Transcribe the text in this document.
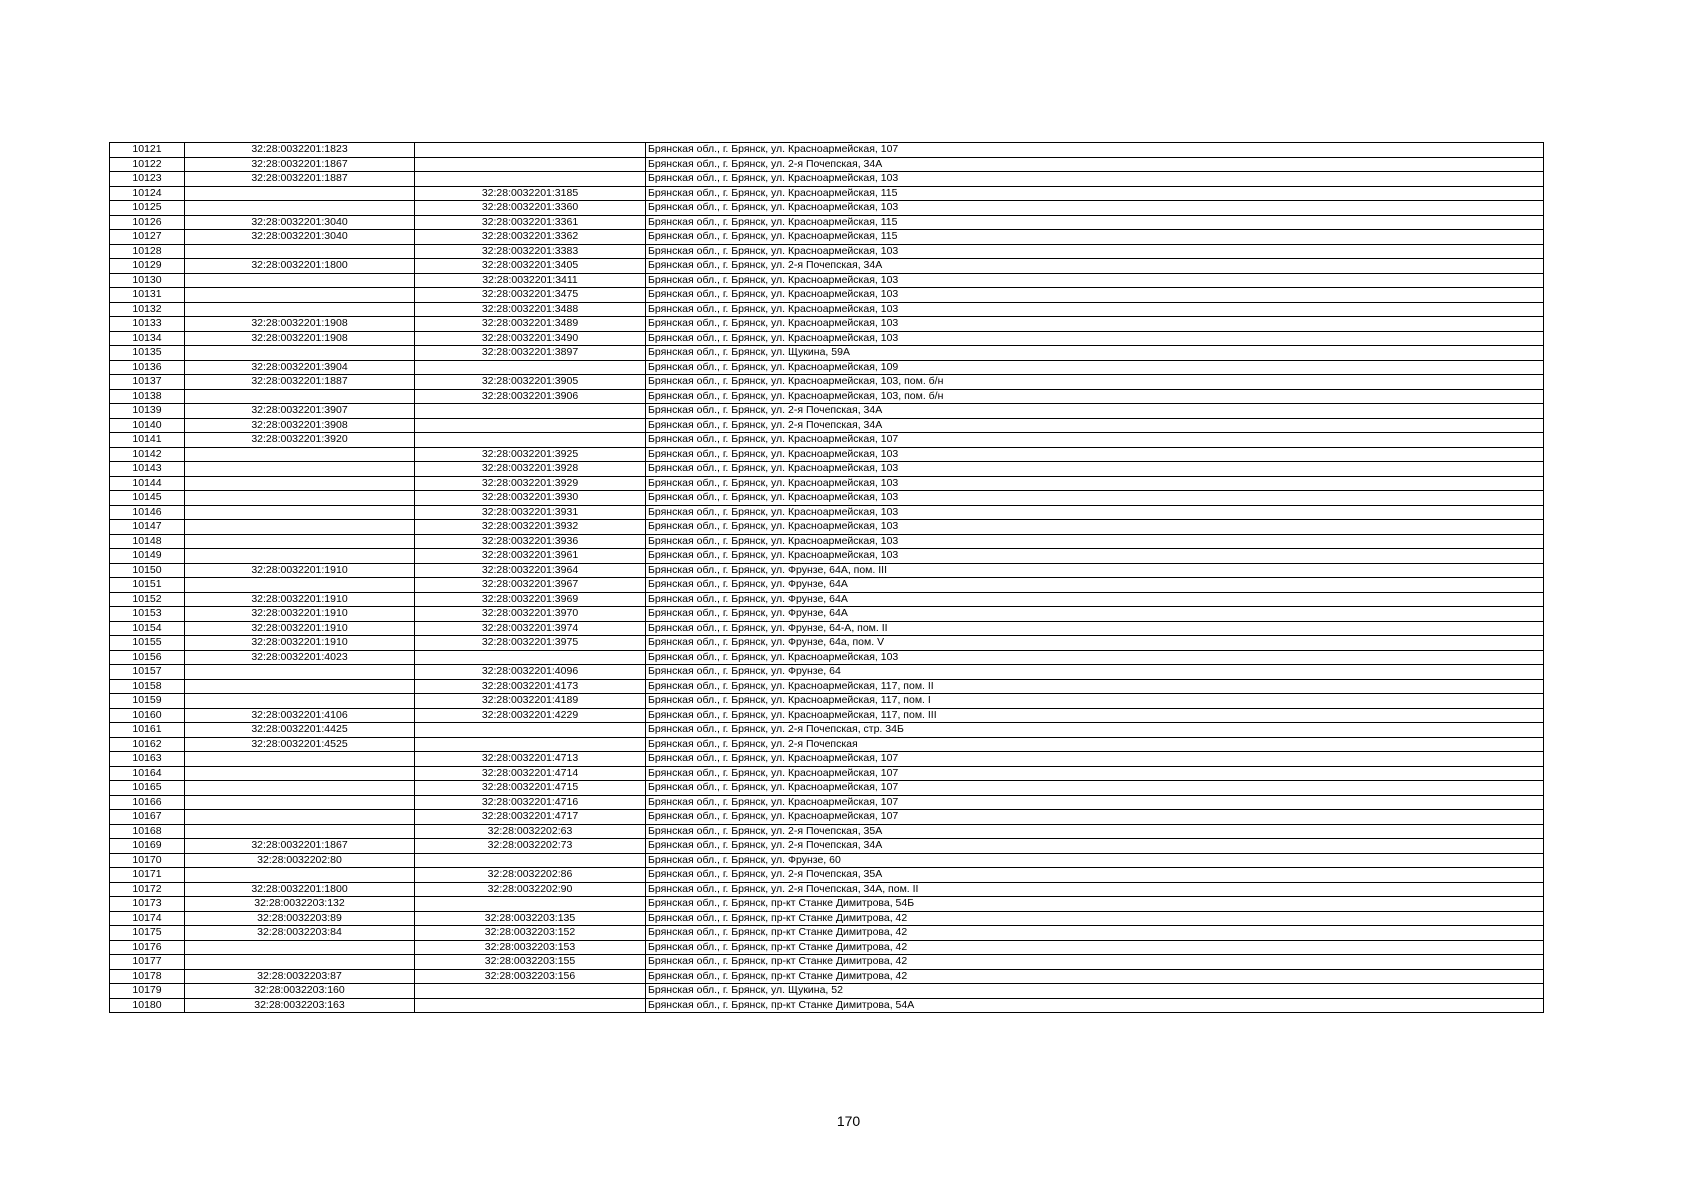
10121	32:28:0032201:1823		Брянская обл., г. Брянск, ул. Красноармейская, 107
10122	32:28:0032201:1867		Брянская обл., г. Брянск, ул. 2-я Почепская, 34А
10123	32:28:0032201:1887		Брянская обл., г. Брянск, ул. Красноармейская, 103
10124		32:28:0032201:3185	Брянская обл., г. Брянск, ул. Красноармейская, 115
10125		32:28:0032201:3360	Брянская обл., г. Брянск, ул. Красноармейская, 103
10126	32:28:0032201:3040	32:28:0032201:3361	Брянская обл., г. Брянск, ул. Красноармейская, 115
10127	32:28:0032201:3040	32:28:0032201:3362	Брянская обл., г. Брянск, ул. Красноармейская, 115
10128		32:28:0032201:3383	Брянская обл., г. Брянск, ул. Красноармейская, 103
10129	32:28:0032201:1800	32:28:0032201:3405	Брянская обл., г. Брянск, ул. 2-я Почепская, 34А
10130		32:28:0032201:3411	Брянская обл., г. Брянск, ул. Красноармейская, 103
10131		32:28:0032201:3475	Брянская обл., г. Брянск, ул. Красноармейская, 103
10132		32:28:0032201:3488	Брянская обл., г. Брянск, ул. Красноармейская, 103
10133	32:28:0032201:1908	32:28:0032201:3489	Брянская обл., г. Брянск, ул. Красноармейская, 103
10134	32:28:0032201:1908	32:28:0032201:3490	Брянская обл., г. Брянск, ул. Красноармейская, 103
10135		32:28:0032201:3897	Брянская обл., г. Брянск, ул. Щукина, 59А
10136	32:28:0032201:3904		Брянская обл., г. Брянск, ул. Красноармейская, 109
10137	32:28:0032201:1887	32:28:0032201:3905	Брянская обл., г. Брянск, ул. Красноармейская, 103, пом. б/н
10138		32:28:0032201:3906	Брянская обл., г. Брянск, ул. Красноармейская, 103, пом. б/н
10139	32:28:0032201:3907		Брянская обл., г. Брянск, ул. 2-я Почепская, 34А
10140	32:28:0032201:3908		Брянская обл., г. Брянск, ул. 2-я Почепская, 34А
10141	32:28:0032201:3920		Брянская обл., г. Брянск, ул. Красноармейская, 107
10142		32:28:0032201:3925	Брянская обл., г. Брянск, ул. Красноармейская, 103
10143		32:28:0032201:3928	Брянская обл., г. Брянск, ул. Красноармейская, 103
10144		32:28:0032201:3929	Брянская обл., г. Брянск, ул. Красноармейская, 103
10145		32:28:0032201:3930	Брянская обл., г. Брянск, ул. Красноармейская, 103
10146		32:28:0032201:3931	Брянская обл., г. Брянск, ул. Красноармейская, 103
10147		32:28:0032201:3932	Брянская обл., г. Брянск, ул. Красноармейская, 103
10148		32:28:0032201:3936	Брянская обл., г. Брянск, ул. Красноармейская, 103
10149		32:28:0032201:3961	Брянская обл., г. Брянск, ул. Красноармейская, 103
10150	32:28:0032201:1910	32:28:0032201:3964	Брянская обл., г. Брянск, ул. Фрунзе, 64А, пом. III
10151		32:28:0032201:3967	Брянская обл., г. Брянск, ул. Фрунзе, 64А
10152	32:28:0032201:1910	32:28:0032201:3969	Брянская обл., г. Брянск, ул. Фрунзе, 64А
10153	32:28:0032201:1910	32:28:0032201:3970	Брянская обл., г. Брянск, ул. Фрунзе, 64А
10154	32:28:0032201:1910	32:28:0032201:3974	Брянская обл., г. Брянск, ул. Фрунзе, 64-А, пом. II
10155	32:28:0032201:1910	32:28:0032201:3975	Брянская обл., г. Брянск, ул. Фрунзе, 64а, пом. V
10156	32:28:0032201:4023		Брянская обл., г. Брянск, ул. Красноармейская, 103
10157		32:28:0032201:4096	Брянская обл., г. Брянск, ул. Фрунзе, 64
10158		32:28:0032201:4173	Брянская обл., г. Брянск, ул. Красноармейская, 117, пом. II
10159		32:28:0032201:4189	Брянская обл., г. Брянск, ул. Красноармейская, 117, пом. I
10160	32:28:0032201:4106	32:28:0032201:4229	Брянская обл., г. Брянск, ул. Красноармейская, 117, пом. III
10161	32:28:0032201:4425		Брянская обл., г. Брянск, ул. 2-я Почепская, стр. 34Б
10162	32:28:0032201:4525		Брянская обл., г. Брянск, ул. 2-я Почепская
10163		32:28:0032201:4713	Брянская обл., г. Брянск, ул. Красноармейская, 107
10164		32:28:0032201:4714	Брянская обл., г. Брянск, ул. Красноармейская, 107
10165		32:28:0032201:4715	Брянская обл., г. Брянск, ул. Красноармейская, 107
10166		32:28:0032201:4716	Брянская обл., г. Брянск, ул. Красноармейская, 107
10167		32:28:0032201:4717	Брянская обл., г. Брянск, ул. Красноармейская, 107
10168		32:28:0032202:63	Брянская обл., г. Брянск, ул. 2-я Почепская, 35А
10169	32:28:0032201:1867	32:28:0032202:73	Брянская обл., г. Брянск, ул. 2-я Почепская, 34А
10170	32:28:0032202:80		Брянская обл., г. Брянск, ул. Фрунзе, 60
10171		32:28:0032202:86	Брянская обл., г. Брянск, ул. 2-я Почепская, 35А
10172	32:28:0032201:1800	32:28:0032202:90	Брянская обл., г. Брянск, ул. 2-я Почепская, 34А, пом. II
10173	32:28:0032203:132		Брянская обл., г. Брянск, пр-кт Станке Димитрова, 54Б
10174	32:28:0032203:89	32:28:0032203:135	Брянская обл., г. Брянск, пр-кт Станке Димитрова, 42
10175	32:28:0032203:84	32:28:0032203:152	Брянская обл., г. Брянск, пр-кт Станке Димитрова, 42
10176		32:28:0032203:153	Брянская обл., г. Брянск, пр-кт Станке Димитрова, 42
10177		32:28:0032203:155	Брянская обл., г. Брянск, пр-кт Станке Димитрова, 42
10178	32:28:0032203:87	32:28:0032203:156	Брянская обл., г. Брянск, пр-кт Станке Димитрова, 42
10179	32:28:0032203:160		Брянская обл., г. Брянск, ул. Щукина, 52
10180	32:28:0032203:163		Брянская обл., г. Брянск, пр-кт Станке Димитрова, 54А
170
